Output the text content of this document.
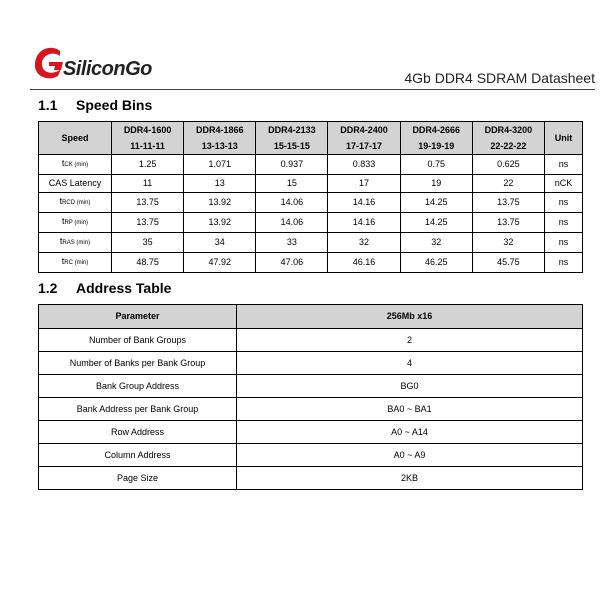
SiliconGo	4Gb DDR4 SDRAM Datasheet
1.1 Speed Bins
Speed	DDR4-1600	DDR4-1866	DDR4-2133	DDR4-2400	DDR4-2666	DDR4-3200	Unit
	11-11-11	13-13-13	15-15-15	17-17-17	19-19-19	22-22-22	
tCK (min)	1.25	1.071	0.937	0.833	0.75	0.625	ns
CAS Latency	11	13	15	17	19	22	nCK
tRCD (min)	13.75	13.92	14.06	14.16	14.25	13.75	ns
tRP (min)	13.75	13.92	14.06	14.16	14.25	13.75	ns
tRAS (min)	35	34	33	32	32	32	ns
tRC (min)	48.75	47.92	47.06	46.16	46.25	45.75	ns
1.2 Address Table
Parameter	256Mb x16
Number of Bank Groups	2
Number of Banks per Bank Group	4
Bank Group Address	BG0
Bank Address per Bank Group	BA0 ~ BA1
Row Address	A0 ~ A14
Column Address	A0 ~ A9
Page Size	2KB
